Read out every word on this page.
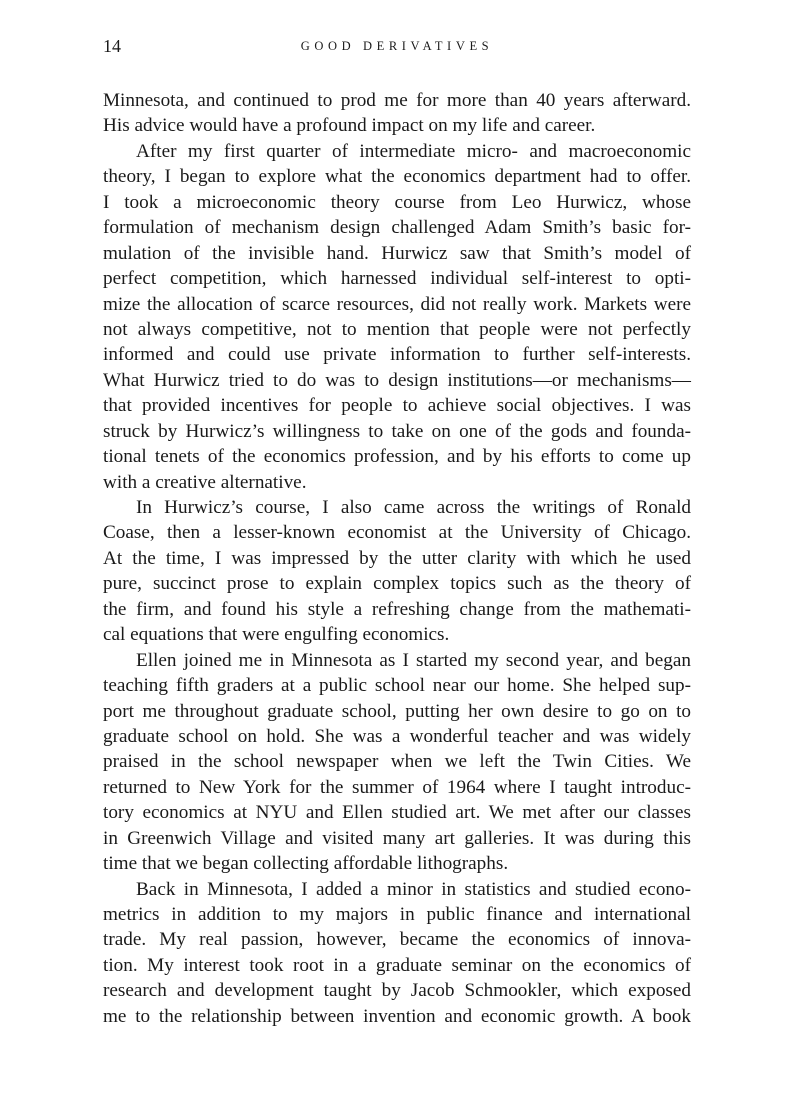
14	GOOD DERIVATIVES
Minnesota, and continued to prod me for more than 40 years afterward.
His advice would have a profound impact on my life and career.
After my first quarter of intermediate micro- and macroeconomic
theory, I began to explore what the economics department had to offer.
I took a microeconomic theory course from Leo Hurwicz, whose
formulation of mechanism design challenged Adam Smith’s basic for-
mulation of the invisible hand. Hurwicz saw that Smith’s model of
perfect competition, which harnessed individual self-interest to opti-
mize the allocation of scarce resources, did not really work. Markets were
not always competitive, not to mention that people were not perfectly
informed and could use private information to further self-interests.
What Hurwicz tried to do was to design institutions—or mechanisms—
that provided incentives for people to achieve social objectives. I was
struck by Hurwicz’s willingness to take on one of the gods and founda-
tional tenets of the economics profession, and by his efforts to come up
with a creative alternative.
In Hurwicz’s course, I also came across the writings of Ronald
Coase, then a lesser-known economist at the University of Chicago.
At the time, I was impressed by the utter clarity with which he used
pure, succinct prose to explain complex topics such as the theory of
the firm, and found his style a refreshing change from the mathemati-
cal equations that were engulfing economics.
Ellen joined me in Minnesota as I started my second year, and began
teaching fifth graders at a public school near our home. She helped sup-
port me throughout graduate school, putting her own desire to go on to
graduate school on hold. She was a wonderful teacher and was widely
praised in the school newspaper when we left the Twin Cities. We
returned to New York for the summer of 1964 where I taught introduc-
tory economics at NYU and Ellen studied art. We met after our classes
in Greenwich Village and visited many art galleries. It was during this
time that we began collecting affordable lithographs.
Back in Minnesota, I added a minor in statistics and studied econo-
metrics in addition to my majors in public finance and international
trade. My real passion, however, became the economics of innova-
tion. My interest took root in a graduate seminar on the economics of
research and development taught by Jacob Schmookler, which exposed
me to the relationship between invention and economic growth. A book
